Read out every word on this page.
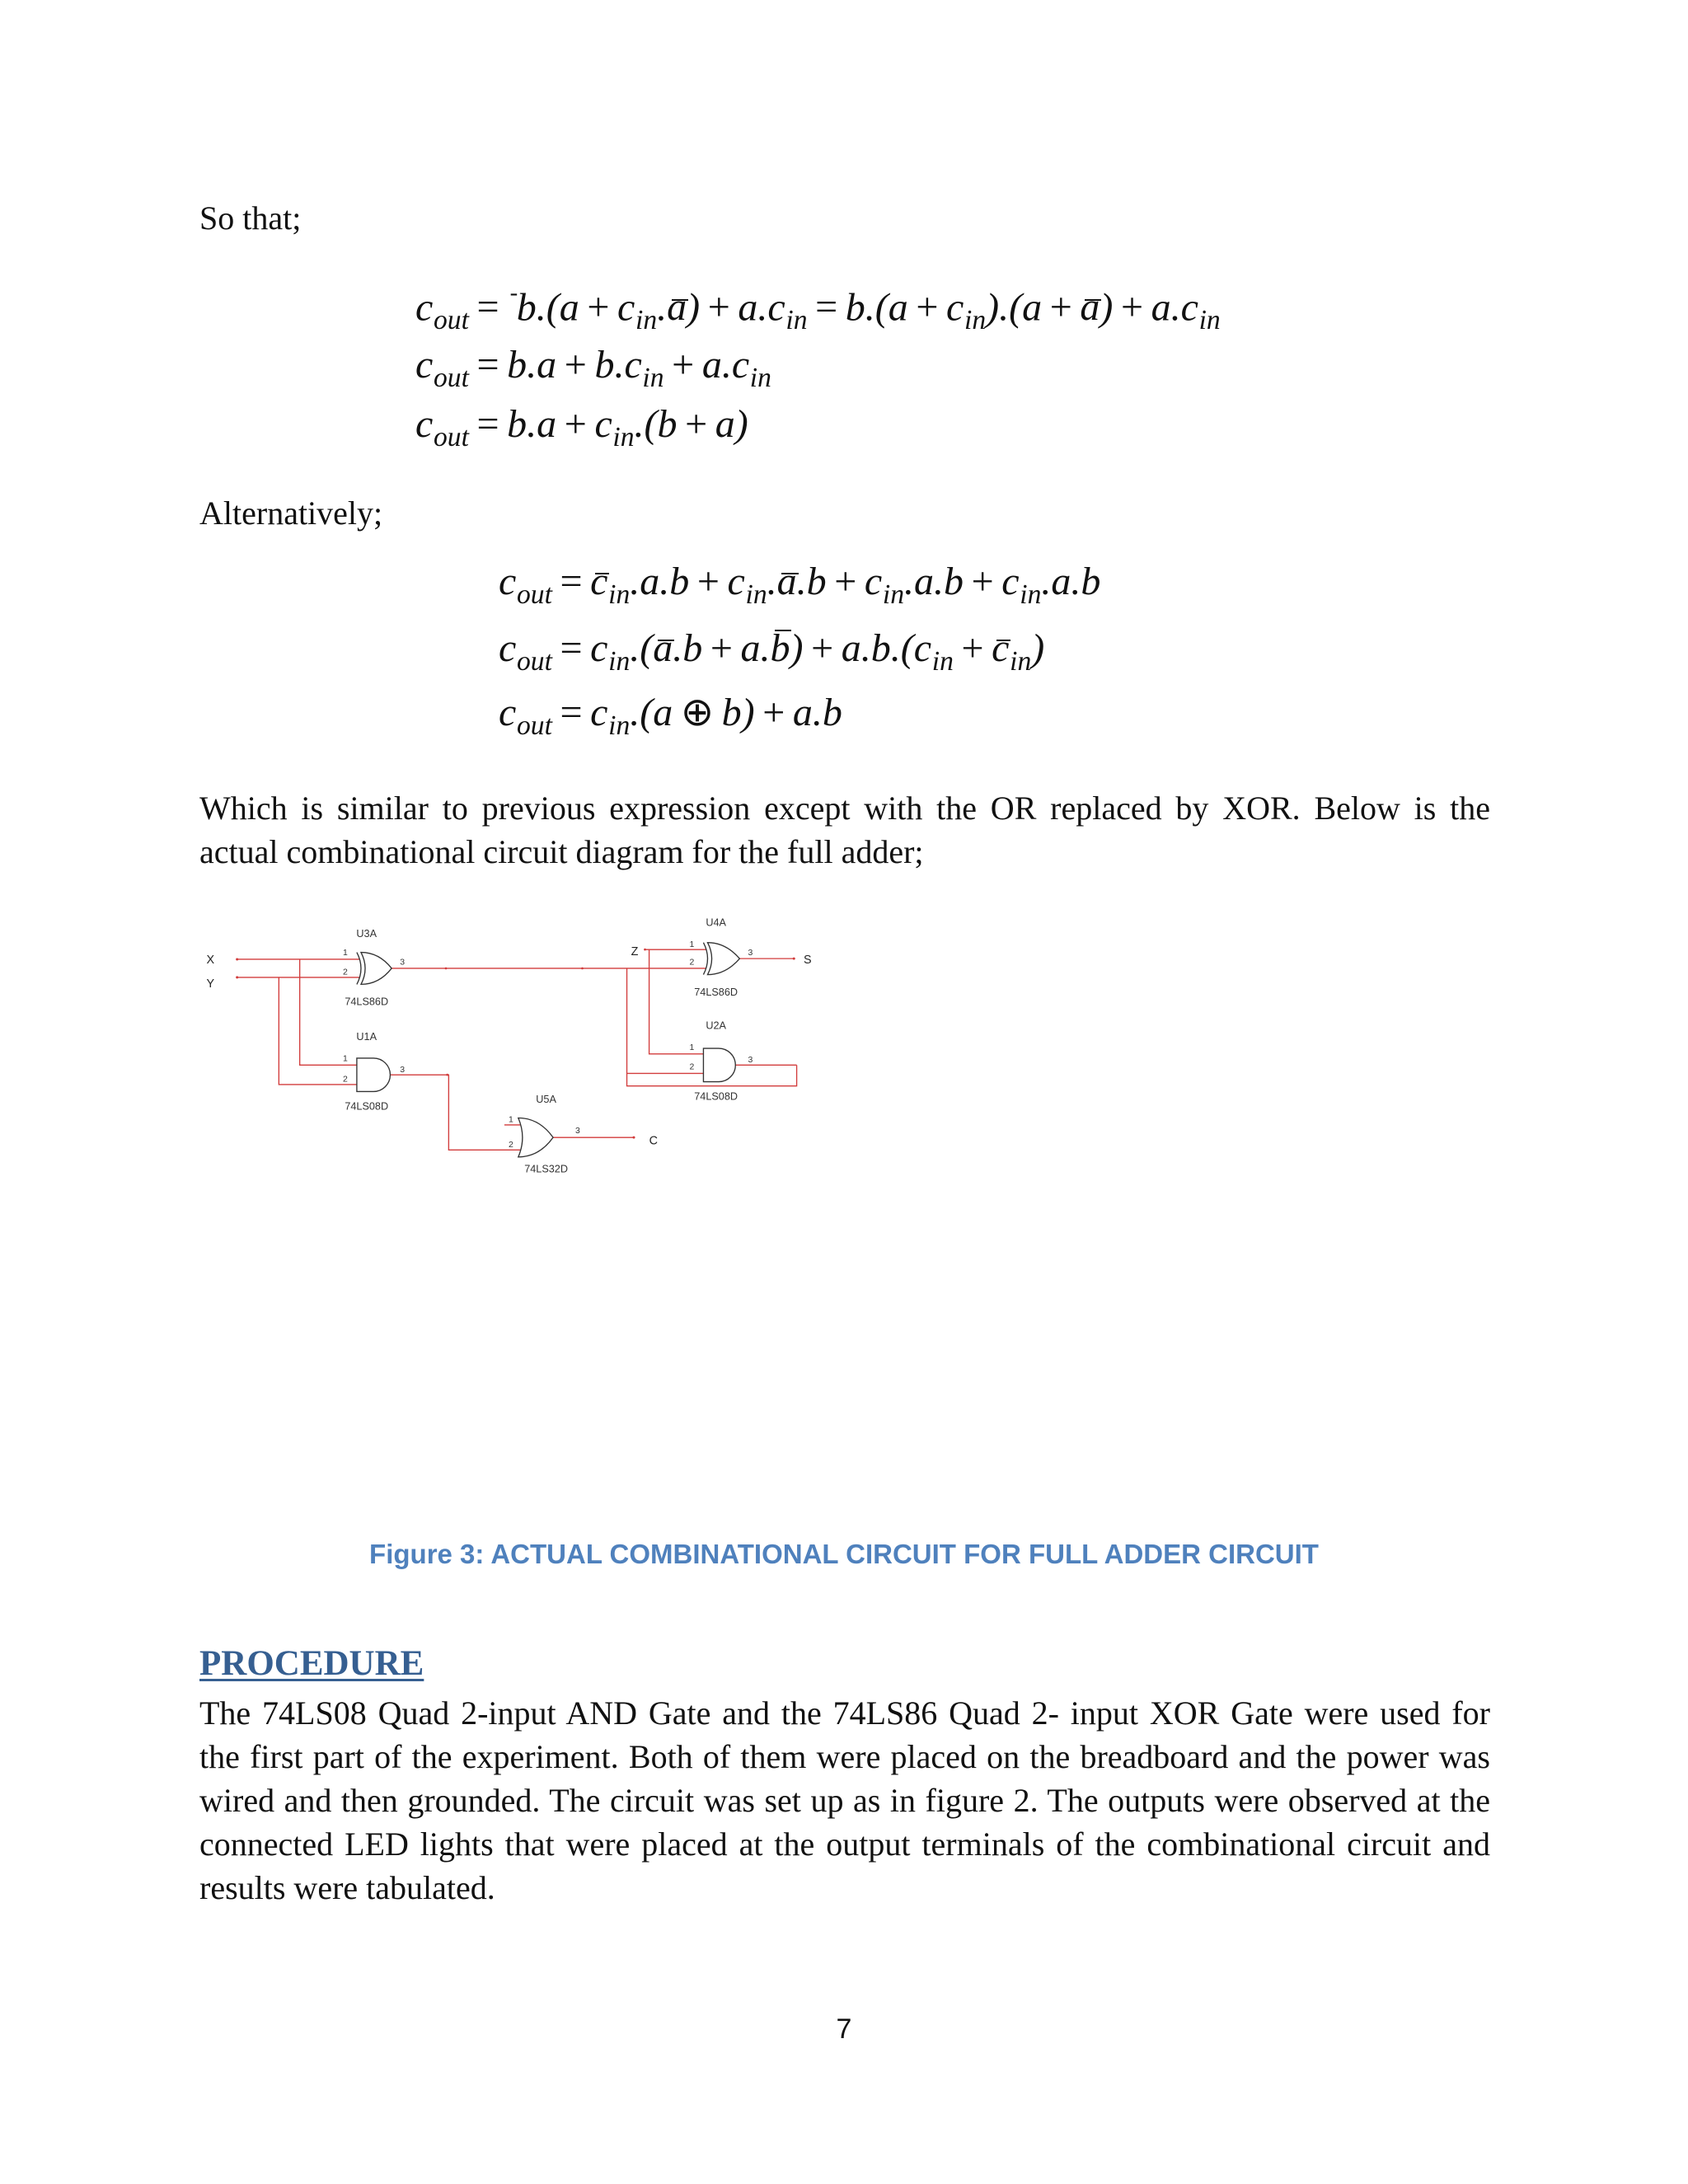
So that;
$c_{out} = ^-b.(a + c_{in}.a) + a.c_{in} = b.(a + c_{in}).(a + a) + a.c_{in}$
$c_{out} = b.a + b.c_{in} + a.c_{in}$
$c_{out} = b.a + c_{in}.(b + a)$
Alternatively;
$c_{out} = c_{in}.a.b + c_{in}.a.b + c_{in}.a.b + c_{in}.a.b$
$c_{out} = c_{in}.(a.b + a.b) + a.b.(c_{in} + c_{in})$
$c_{out} = c_{in}.(a$ ⊕ b) + a.b
Which is similar to previous expression except with the OR replaced by XOR. Below is the
actual combinational circuit diagram for the full adder;
X
Y
Z
S
C
U3A
74LS86D
1
2
3
U1A
74LS08D
1
2
3
U4A
74LS86D
1
2
3
U2A
74LS08D
1
2
3
U5A
74LS32D
1
2
3
Figure 3: ACTUAL COMBINATIONAL CIRCUIT FOR FULL ADDER CIRCUIT
PROCEDURE
The 74LS08 Quad 2-input AND Gate and the 74LS86 Quad 2- input XOR Gate were used for
the first part of the experiment. Both of them were placed on the breadboard and the power was
wired and then grounded. The circuit was set up as in figure 2. The outputs were observed at the
connected LED lights that were placed at the output terminals of the combinational circuit and
results were tabulated.
7
